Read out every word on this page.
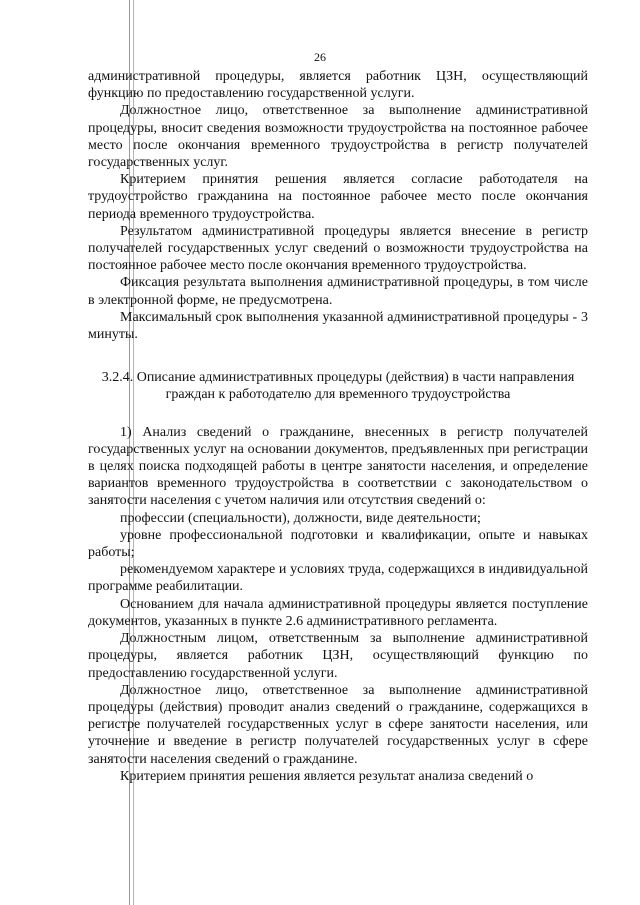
26

административной процедуры, является работник ЦЗН, осуществляющий функцию по предоставлению государственной услуги.

Должностное лицо, ответственное за выполнение административной процедуры, вносит сведения возможности трудоустройства на постоянное рабочее место после окончания временного трудоустройства в регистр получателей государственных услуг.

Критерием принятия решения является согласие работодателя на трудоустройство гражданина на постоянное рабочее место после окончания периода временного трудоустройства.

Результатом административной процедуры является внесение в регистр получателей государственных услуг сведений о возможности трудоустройства на постоянное рабочее место после окончания временного трудоустройства.

Фиксация результата выполнения административной процедуры, в том числе в электронной форме, не предусмотрена.

Максимальный срок выполнения указанной административной процедуры - 3 минуты.

3.2.4. Описание административных процедуры (действия) в части направления граждан к работодателю для временного трудоустройства

1) Анализ сведений о гражданине, внесенных в регистр получателей государственных услуг на основании документов, предъявленных при регистрации в целях поиска подходящей работы в центре занятости населения, и определение вариантов временного трудоустройства в соответствии с законодательством о занятости населения с учетом наличия или отсутствия сведений о:

профессии (специальности), должности, виде деятельности;

уровне профессиональной подготовки и квалификации, опыте и навыках работы;

рекомендуемом характере и условиях труда, содержащихся в индивидуальной программе реабилитации.

Основанием для начала административной процедуры является поступление документов, указанных в пункте 2.6 административного регламента.

Должностным лицом, ответственным за выполнение административной процедуры, является работник ЦЗН, осуществляющий функцию по предоставлению государственной услуги.

Должностное лицо, ответственное за выполнение административной процедуры (действия) проводит анализ сведений о гражданине, содержащихся в регистре получателей государственных услуг в сфере занятости населения, или уточнение и введение в регистр получателей государственных услуг в сфере занятости населения сведений о гражданине.

Критерием принятия решения является результат анализа сведений о
